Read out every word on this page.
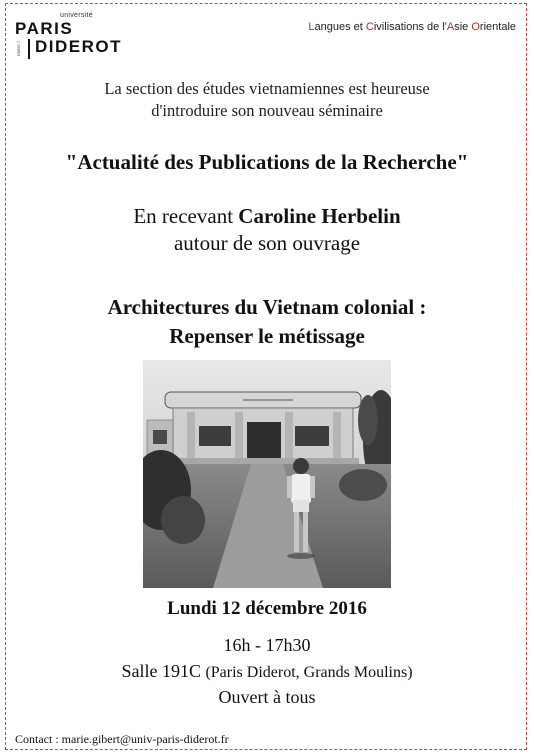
université
PARIS
DIDEROT
PARIS 7
Langues et Civilisations de l'Asie Orientale
La section des études vietnamiennes est heureuse
d'introduire son nouveau séminaire
"Actualité des Publications de la Recherche"
En recevant Caroline Herbelin
autour de son ouvrage
Architectures du Vietnam colonial :
Repenser le métissage
Lundi 12 décembre 2016
16h - 17h30
Salle 191C (Paris Diderot, Grands Moulins)
Ouvert à tous
Contact : marie.gibert@univ-paris-diderot.fr
